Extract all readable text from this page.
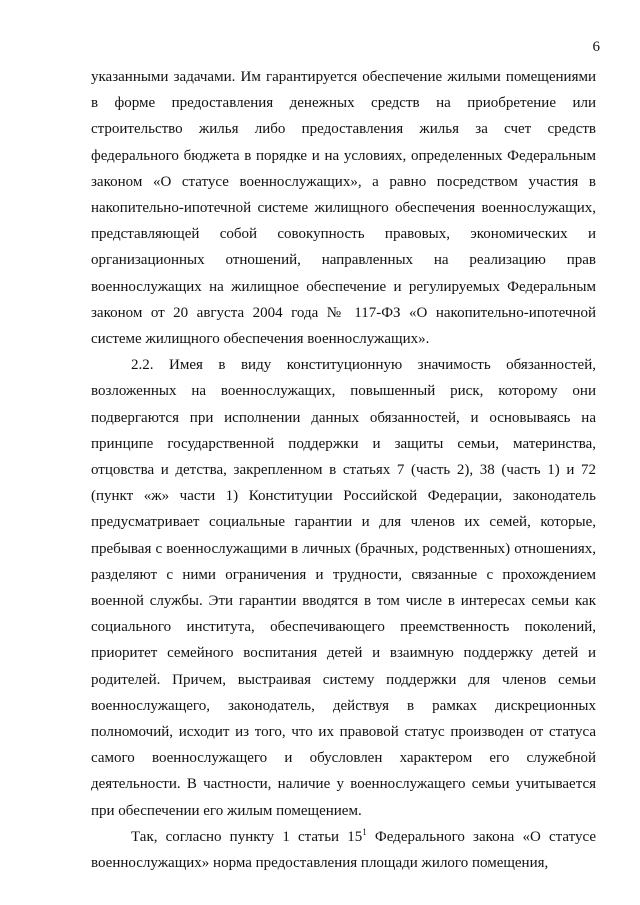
6

указанными задачами. Им гарантируется обеспечение жилыми помещениями в форме предоставления денежных средств на приобретение или строительство жилья либо предоставления жилья за счет средств федерального бюджета в порядке и на условиях, определенных Федеральным законом «О статусе военнослужащих», а равно посредством участия в накопительно-ипотечной системе жилищного обеспечения военнослужащих, представляющей собой совокупность правовых, экономических и организационных отношений, направленных на реализацию прав военнослужащих на жилищное обеспечение и регулируемых Федеральным законом от 20 августа 2004 года № 117-ФЗ «О накопительно-ипотечной системе жилищного обеспечения военнослужащих».

2.2. Имея в виду конституционную значимость обязанностей, возложенных на военнослужащих, повышенный риск, которому они подвергаются при исполнении данных обязанностей, и основываясь на принципе государственной поддержки и защиты семьи, материнства, отцовства и детства, закрепленном в статьях 7 (часть 2), 38 (часть 1) и 72 (пункт «ж» части 1) Конституции Российской Федерации, законодатель предусматривает социальные гарантии и для членов их семей, которые, пребывая с военнослужащими в личных (брачных, родственных) отношениях, разделяют с ними ограничения и трудности, связанные с прохождением военной службы. Эти гарантии вводятся в том числе в интересах семьи как социального института, обеспечивающего преемственность поколений, приоритет семейного воспитания детей и взаимную поддержку детей и родителей. Причем, выстраивая систему поддержки для членов семьи военнослужащего, законодатель, действуя в рамках дискреционных полномочий, исходит из того, что их правовой статус производен от статуса самого военнослужащего и обусловлен характером его служебной деятельности. В частности, наличие у военнослужащего семьи учитывается при обеспечении его жилым помещением.

Так, согласно пункту 1 статьи $15^1$ Федерального закона «О статусе военнослужащих» норма предоставления площади жилого помещения,
